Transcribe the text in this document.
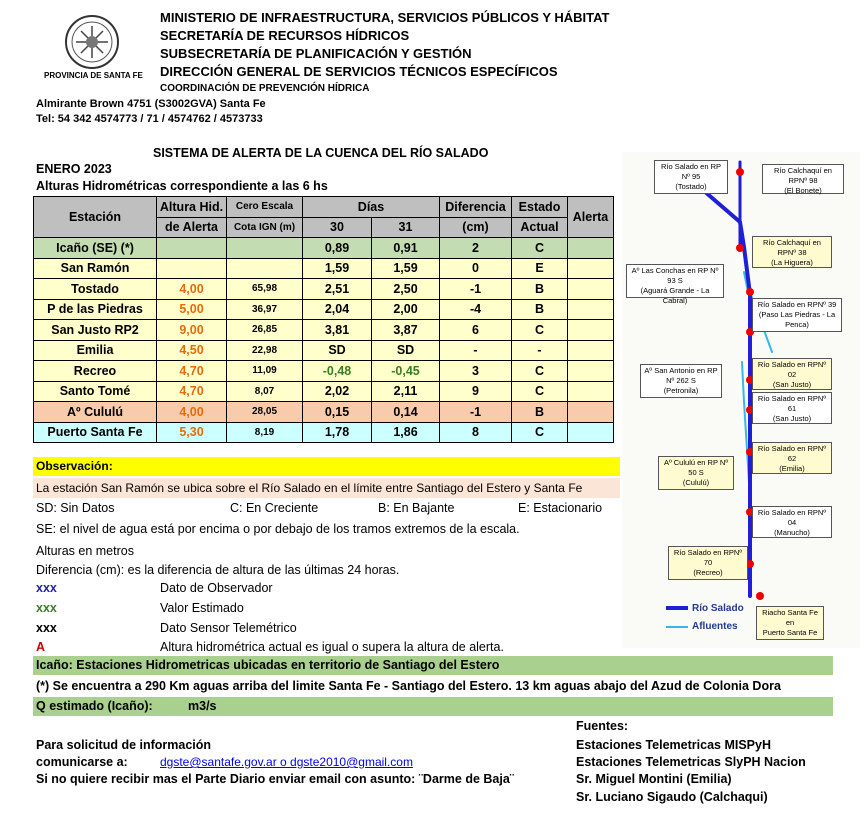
PROVINCIA DE SANTA FE
MINISTERIO DE INFRAESTRUCTURA, SERVICIOS PÚBLICOS Y HÁBITAT
SECRETARÍA DE RECURSOS HÍDRICOS
SUBSECRETARÍA DE PLANIFICACIÓN Y GESTIÓN
DIRECCIÓN GENERAL DE SERVICIOS TÉCNICOS ESPECÍFICOS
COORDINACIÓN DE PREVENCIÓN HÍDRICA
Almirante Brown 4751 (S3002GVA) Santa Fe
Tel: 54 342 4574773 / 71 / 4574762 / 4573733
SISTEMA DE ALERTA DE LA CUENCA DEL RÍO SALADO
ENERO 2023
Alturas Hidrométricas correspondiente a las 6 hs
Estación	Altura Hid.	Cero Escala	Días		Diferencia	Estado	Alerta
	de Alerta	Cota IGN (m)	30	31	(cm)	Actual	
Icaño (SE) (*)			0,89	0,91	2	C	
San Ramón			1,59	1,59	0	E	
Tostado	4,00	65,98	2,51	2,50	-1	B	
P de las Piedras	5,00	36,97	2,04	2,00	-4	B	
San Justo RP2	9,00	26,85	3,81	3,87	6	C	
Emilia	4,50	22,98	SD	SD	-	-	
Recreo	4,70	11,09	-0,48	-0,45	3	C	
Santo Tomé	4,70	8,07	2,02	2,11	9	C	
Aº Cululú	4,00	28,05	0,15	0,14	-1	B	
Puerto Santa Fe	5,30	8,19	1,78	1,86	8	C	
Río Salado en RP Nº 95
(Tostado)
Río Calchaquí en RPNº 98
(El Bonete)
Río Calchaquí en RPNº 38
(La Higuera)
Aº Las Conchas en RP Nº 93 S
(Aguará Grande - La Cabral)	Río Salado en RPNº 39
(Paso Las Piedras - La Penca)
Río Salado en RPNº 02
(San Justo)
Aº San Antonio en RP Nº 262 S
(Petronila)
Río Salado en RPNº 61
(San Justo)
Río Salado en RPNº 62
(Emilia)
Aº Cululú en RP Nº 50 S
(Cululú)
Río Salado en RPNº 04
(Manucho)
Río Salado en RPNº 70
(Recreo)
Riacho Santa Fe en
Puerto Santa Fe
Río Salado
Afluentes
Observación:
La estación San Ramón se ubica sobre el Río Salado en el límite entre Santiago del Estero y Santa Fe
SD: Sin Datos	C: En Creciente	B: En Bajante	E: Estacionario
SE: el nivel de agua está por encima o por debajo de los tramos extremos de la escala.
Alturas en metros
Diferencia (cm): es la diferencia de altura de las últimas 24 horas.
xxx	Dato de Observador
xxx	Valor Estimado
xxx	Dato Sensor Telemétrico
A	Altura hidrométrica actual es igual o supera la altura de alerta.
Icaño: Estaciones Hidrometricas ubicadas en territorio de Santiago del Estero
(*) Se encuentra a 290 Km aguas arriba del limite Santa Fe - Santiago del Estero. 13 km aguas abajo del Azud de Colonia Dora
Q estimado (Icaño):	m3/s
Para solicitud de información
comunicarse a:	dgste@santafe.gov.ar o dgste2010@gmail.com
Si no quiere recibir mas el Parte Diario enviar email con asunto: ¨Darme de Baja¨
Fuentes:
Estaciones Telemetricas MISPyH
Estaciones Telemetricas SlyPH Nacion
Sr. Miguel Montini (Emilia)
Sr. Luciano Sigaudo (Calchaqui)
